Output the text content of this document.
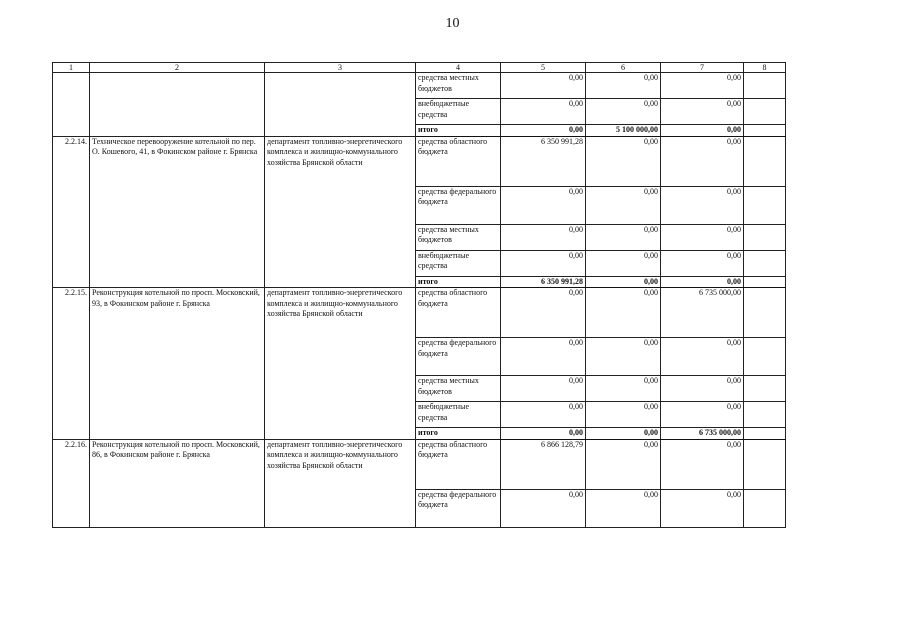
10
1	2	3	4	5	6	7	8
			средства местных бюджетов	0,00	0,00	0,00	
			внебюджетные средства	0,00	0,00	0,00	
			итого	0,00	5 100 000,00	0,00	
2.2.14.	Техническое перевооружение котельной по пер. О. Кошевого, 41, в Фокинском районе г. Брянска	департамент топливно-энергетического комплекса и жилищно-коммунального хозяйства Брянской области	средства областного бюджета	6 350 991,28	0,00	0,00	
			средства федерального бюджета	0,00	0,00	0,00	
			средства местных бюджетов	0,00	0,00	0,00	
			внебюджетные средства	0,00	0,00	0,00	
			итого	6 350 991,28	0,00	0,00	
2.2.15.	Реконструкция котельной по просп. Московский, 93, в Фокинском районе г. Брянска	департамент топливно-энергетического комплекса и жилищно-коммунального хозяйства Брянской области	средства областного бюджета	0,00	0,00	6 735 000,00	
			средства федерального бюджета	0,00	0,00	0,00	
			средства местных бюджетов	0,00	0,00	0,00	
			внебюджетные средства	0,00	0,00	0,00	
			итого	0,00	0,00	6 735 000,00	
2.2.16.	Реконструкция котельной по просп. Московский, 86, в Фокинском районе г. Брянска	департамент топливно-энергетического комплекса и жилищно-коммунального хозяйства Брянской области	средства областного бюджета	6 866 128,79	0,00	0,00	
			средства федерального бюджета	0,00	0,00	0,00	
